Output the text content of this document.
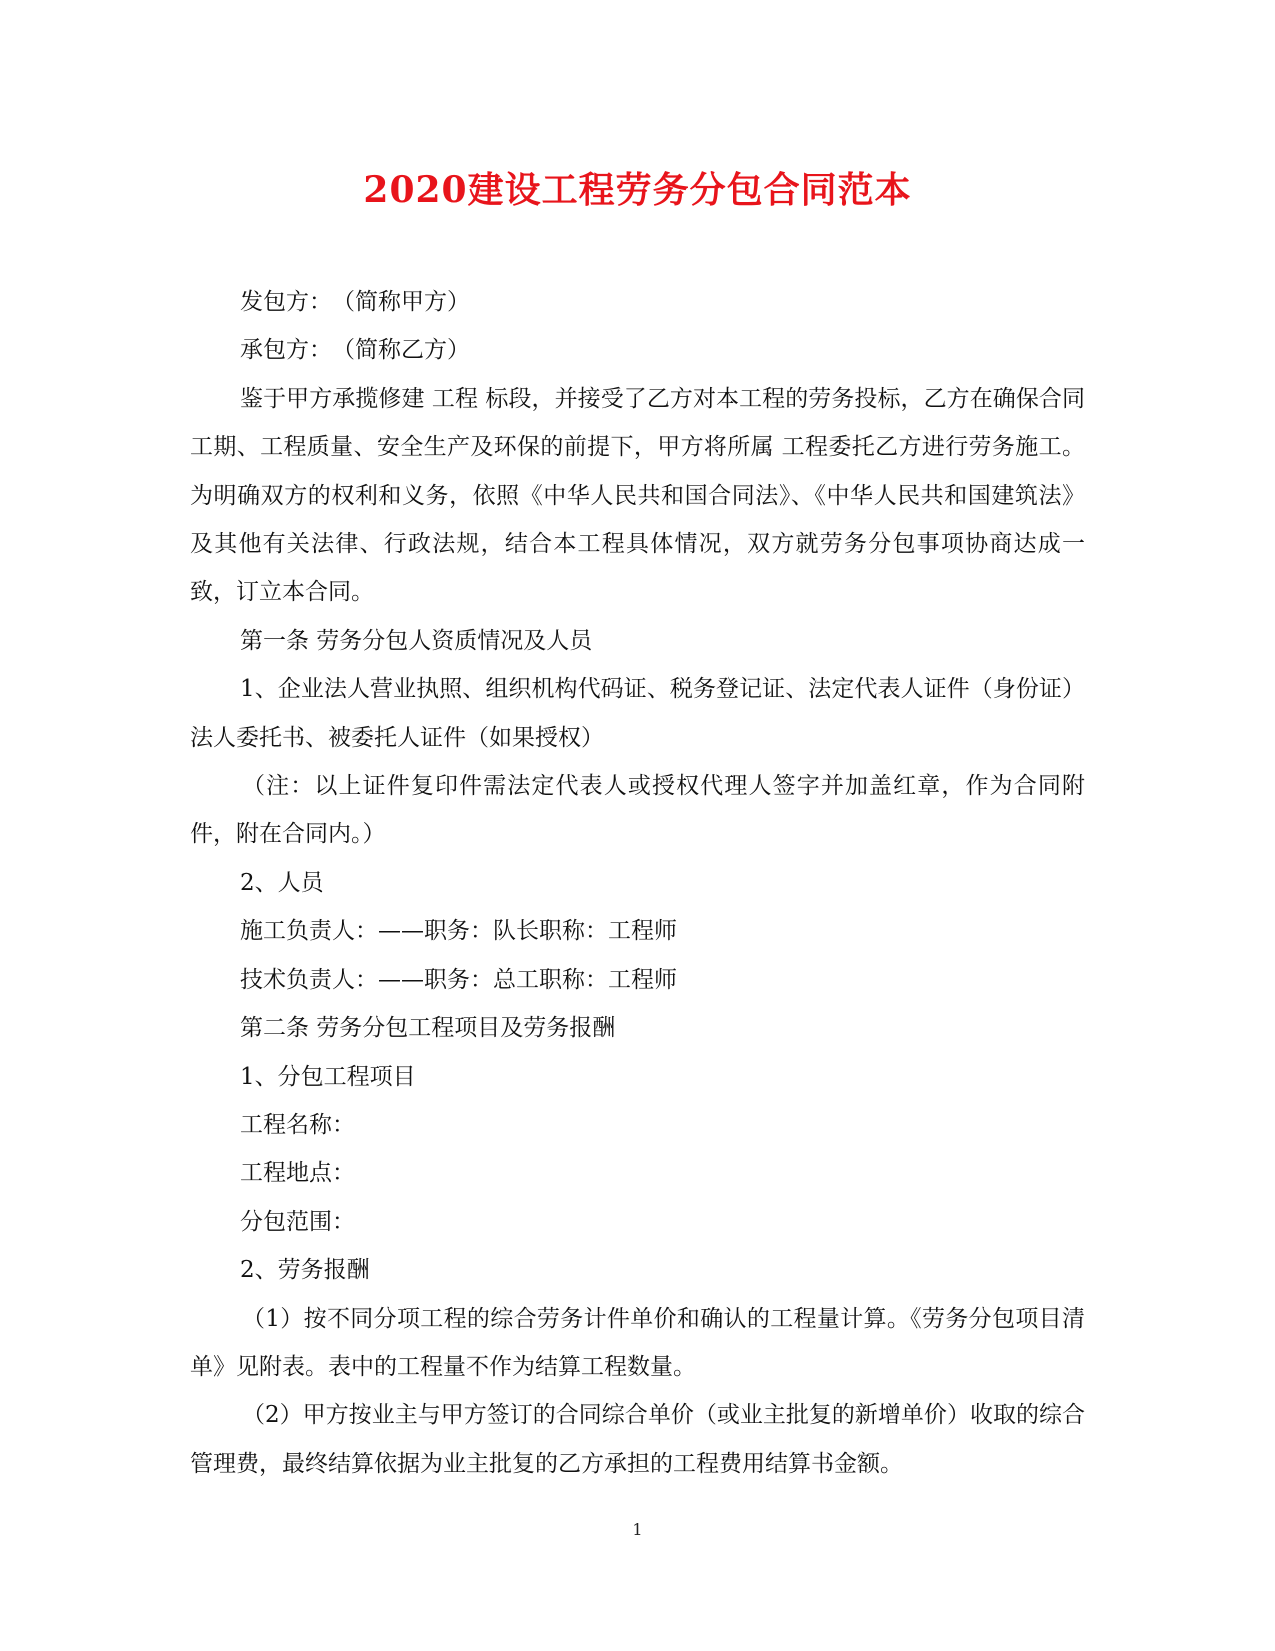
2020建设工程劳务分包合同范本

发包方：　（简称甲方）

承包方：　（简称乙方）

鉴于甲方承揽修建 工程 标段，并接受了乙方对本工程的劳务投标，乙方在确保合同工期、工程质量、安全生产及环保的前提下，甲方将所属 工程委托乙方进行劳务施工。为明确双方的权利和义务，依照《中华人民共和国合同法》、《中华人民共和国建筑法》及其他有关法律、行政法规，结合本工程具体情况，双方就劳务分包事项协商达成一致，订立本合同。

第一条 劳务分包人资质情况及人员

1、企业法人营业执照、组织机构代码证、税务登记证、法定代表人证件（身份证）法人委托书、被委托人证件（如果授权）

（注：以上证件复印件需法定代表人或授权代理人签字并加盖红章，作为合同附件，附在合同内。）

2、人员

施工负责人：——职务：队长职称：工程师

技术负责人：——职务：总工职称：工程师

第二条 劳务分包工程项目及劳务报酬

1、分包工程项目

工程名称：

工程地点：

分包范围：

2、劳务报酬

（1）按不同分项工程的综合劳务计件单价和确认的工程量计算。《劳务分包项目清单》见附表。表中的工程量不作为结算工程数量。

（2）甲方按业主与甲方签订的合同综合单价（或业主批复的新增单价）收取的综合管理费，最终结算依据为业主批复的乙方承担的工程费用结算书金额。

1
